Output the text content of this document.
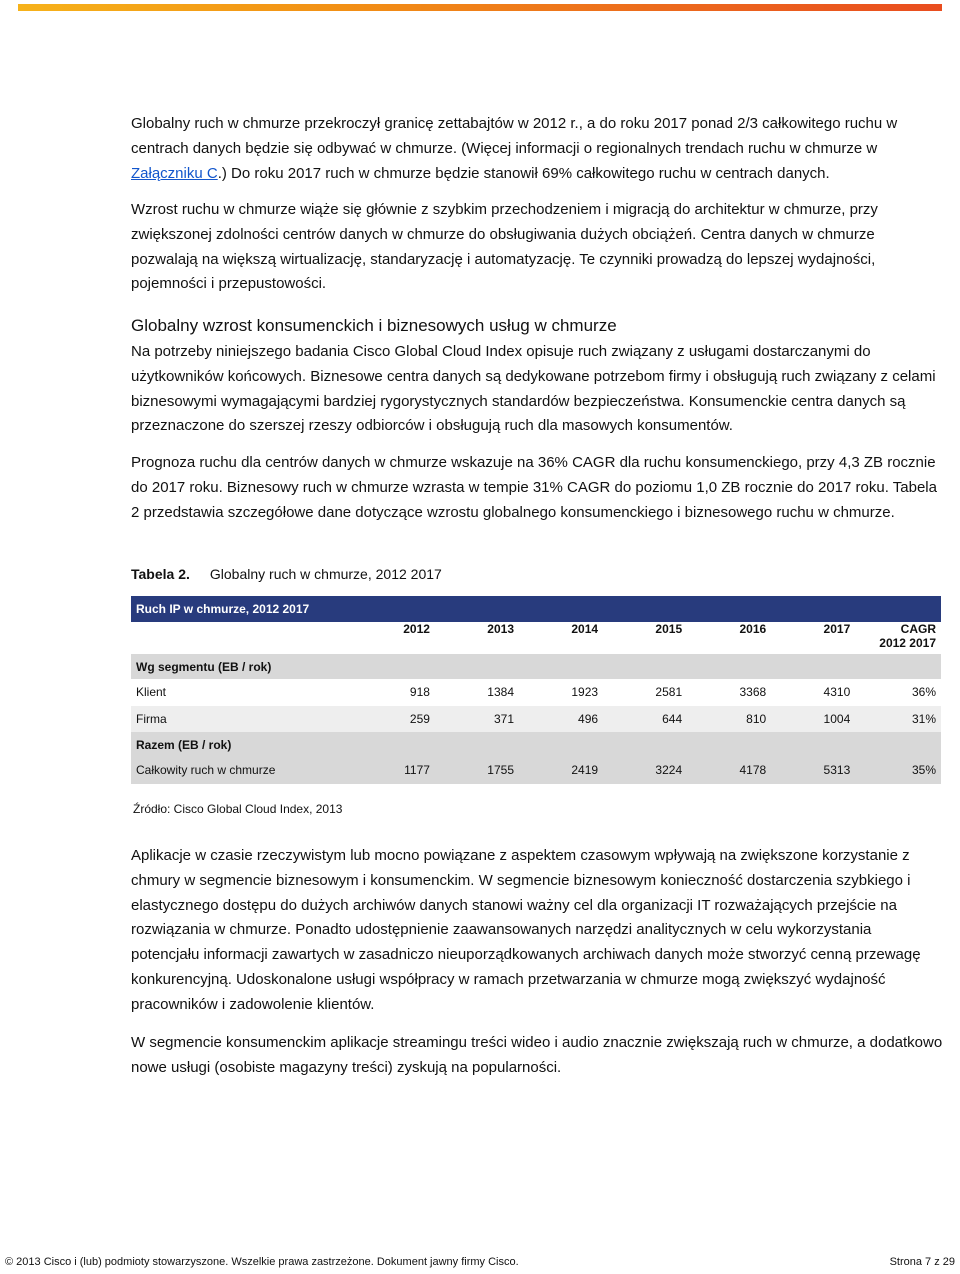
Globalny ruch w chmurze przekroczył granicę zettabajtów w 2012 r., a do roku 2017 ponad 2/3 całkowitego ruchu w centrach danych będzie się odbywać w chmurze. (Więcej informacji o regionalnych trendach ruchu w chmurze w Załączniku C.) Do roku 2017 ruch w chmurze będzie stanowił 69% całkowitego ruchu w centrach danych.

Wzrost ruchu w chmurze wiąże się głównie z szybkim przechodzeniem i migracją do architektur w chmurze, przy zwiększonej zdolności centrów danych w chmurze do obsługiwania dużych obciążeń. Centra danych w chmurze pozwalają na większą wirtualizację, standaryzację i automatyzację. Te czynniki prowadzą do lepszej wydajności, pojemności i przepustowości.

Globalny wzrost konsumenckich i biznesowych usług w chmurze

Na potrzeby niniejszego badania Cisco Global Cloud Index opisuje ruch związany z usługami dostarczanymi do użytkowników końcowych. Biznesowe centra danych są dedykowane potrzebom firmy i obsługują ruch związany z celami biznesowymi wymagającymi bardziej rygorystycznych standardów bezpieczeństwa. Konsumenckie centra danych są przeznaczone do szerszej rzeszy odbiorców i obsługują ruch dla masowych konsumentów.

Prognoza ruchu dla centrów danych w chmurze wskazuje na 36% CAGR dla ruchu konsumenckiego, przy 4,3 ZB rocznie do 2017 roku. Biznesowy ruch w chmurze wzrasta w tempie 31% CAGR do poziomu 1,0 ZB rocznie do 2017 roku. Tabela 2 przedstawia szczegółowe dane dotyczące wzrostu globalnego konsumenckiego i biznesowego ruchu w chmurze.

Tabela 2. Globalny ruch w chmurze, 2012 2017
Ruch IP w chmurze, 2012 2017							
	2012	2013	2014	2015	2016	2017	CAGR
2012 2017
Wg segmentu (EB / rok)							
Klient	918	1384	1923	2581	3368	4310	36%
Firma	259	371	496	644	810	1004	31%
Razem (EB / rok)							
Całkowity ruch w chmurze	1177	1755	2419	3224	4178	5313	35%
Źródło: Cisco Global Cloud Index, 2013

Aplikacje w czasie rzeczywistym lub mocno powiązane z aspektem czasowym wpływają na zwiększone korzystanie z chmury w segmencie biznesowym i konsumenckim. W segmencie biznesowym konieczność dostarczenia szybkiego i elastycznego dostępu do dużych archiwów danych stanowi ważny cel dla organizacji IT rozważających przejście na rozwiązania w chmurze. Ponadto udostępnienie zaawansowanych narzędzi analitycznych w celu wykorzystania potencjału informacji zawartych w zasadniczo nieuporządkowanych archiwach danych może stworzyć cenną przewagę konkurencyjną. Udoskonalone usługi współpracy w ramach przetwarzania w chmurze mogą zwiększyć wydajność pracowników i zadowolenie klientów.

W segmencie konsumenckim aplikacje streamingu treści wideo i audio znacznie zwiększają ruch w chmurze, a dodatkowo nowe usługi (osobiste magazyny treści) zyskują na popularności.

© 2013 Cisco i (lub) podmioty stowarzyszone. Wszelkie prawa zastrzeżone. Dokument jawny firmy Cisco.	Strona 7 z 29
